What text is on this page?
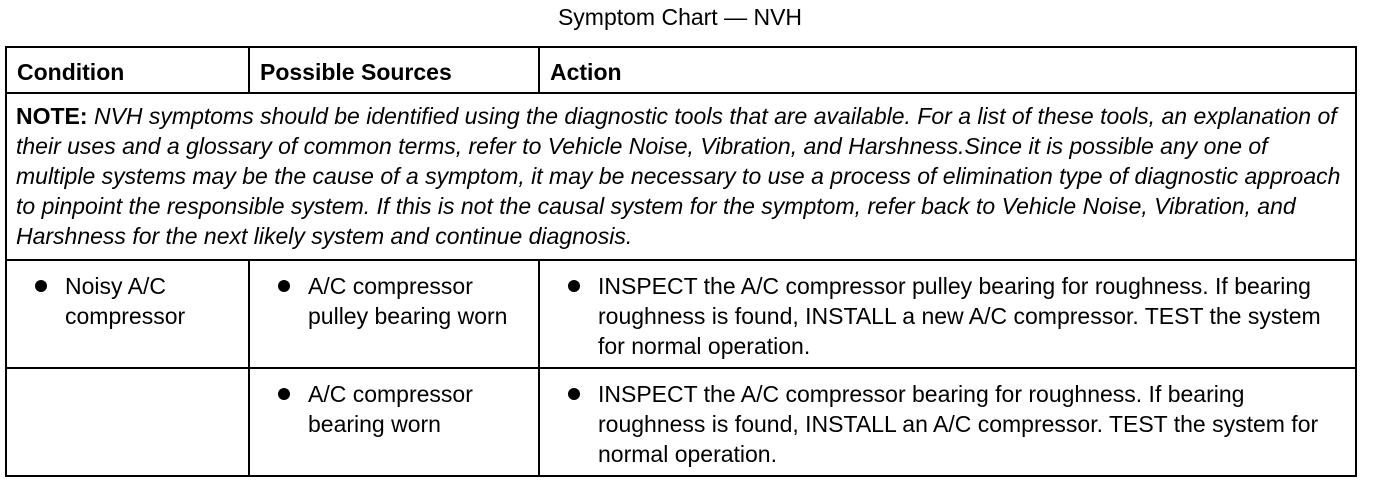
Symptom Chart — NVH
Condition	Possible Sources	Action
NOTE: NVH symptoms should be identified using the diagnostic tools that are available. For a list of these tools, an explanation of their uses and a glossary of common terms, refer to Vehicle Noise, Vibration, and Harshness.Since it is possible any one of multiple systems may be the cause of a symptom, it may be necessary to use a process of elimination type of diagnostic approach to pinpoint the responsible system. If this is not the causal system for the symptom, refer back to Vehicle Noise, Vibration, and Harshness for the next likely system and continue diagnosis.		

Noisy A/C compressor	A/C compressor pulley bearing worn	INSPECT the A/C compressor pulley bearing for roughness. If bearing roughness is found, INSTALL a new A/C compressor. TEST the system for normal operation.

	A/C compressor bearing worn	INSPECT the A/C compressor bearing for roughness. If bearing roughness is found, INSTALL an A/C compressor. TEST the system for normal operation.
